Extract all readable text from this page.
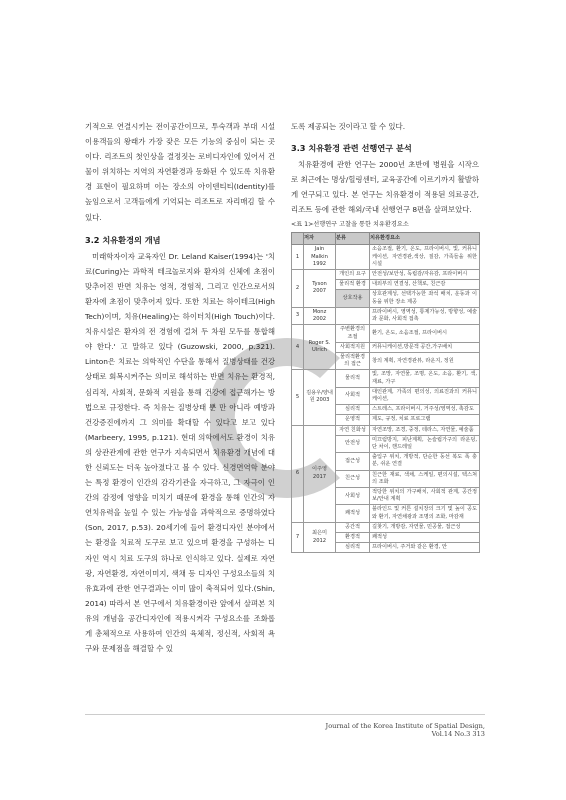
기적으로 연결시키는 전이공간이므로, 투숙객과 부대 시설 이용객들의 왕래가 가장 잦은 모든 기능의 중심이 되는 곳이다. 리조트의 첫인상을 결정짓는 로비디자인에 있어서 건물이 위치하는 지역의 자연환경과 동화된 수 있도록 치유환경 표현이 필요하며 이는 장소의 아이덴티티(Identity)를 높임으로서 고객들에게 기억되는 리조트로 자리매김 할 수 있다.

3.2 치유환경의 개념

미래학자이자 교육자인 Dr. Leland Kaiser(1994)는 '치료(Curing)는 과학적 테크놀로지와 환자의 신체에 초점이 맞추어진 반면 치유는 영적, 경험적, 그리고 인간으로서의 환자에 초점이 맞추어져 있다. 또한 치료는 하이테크(High Tech)이며, 치유(Healing)는 하이터치(High Touch)이다. 치유시설은 환자의 전 경험에 걸쳐 두 차원 모두를 통합해야 한다.' 고 말하고 있다 (Guzowski, 2000, p.321). Linton은 치료는 의학적인 수단을 통해서 질병상태를 건강상태로 회복시켜주는 의미로 해석하는 반면 치유는 환경적, 심리적, 사회적, 문화적 지원을 통해 건강에 접근해가는 방법으로 규정한다. 즉 치유는 질병상태 뿐 만 아니라 예방과 건강증진에까지 그 의미를 확대할 수 있다고 보고 있다 (Marbeery, 1995, p.121). 현대 의학에서도 환경이 치유의 상관관계에 관한 연구가 지속되면서 치유환경 개념에 대한 신뢰도는 더욱 높아졌다고 볼 수 있다. 신경면역학 분야는 특정 환경이 인간의 감각기관을 자극하고, 그 자극이 인간의 감정에 영향을 미치기 때문에 환경을 통해 인간의 자연치유력을 높일 수 있는 가능성을 과학적으로 증명하였다 (Son, 2017, p.53). 20세기에 들어 환경디자인 분야에서는 환경을 치료적 도구로 보고 있으며 환경을 구성하는 디자인 역시 치료 도구의 하나로 인식하고 있다. 실제로 자연광, 자연환경, 자연이미지, 색채 등 디자인 구성요소들의 치유효과에 관한 연구결과는 이미 많이 축적되어 있다.(Shin, 2014) 따라서 본 연구에서 치유환경이란 앞에서 살펴본 치유의 개념을 공간디자인에 적용시켜각 구성요소를 조화롭게 총체적으로 사용하여 인간의 육체적, 정신적, 사회적 욕구와 문제점을 해결할 수 있

도록 제공되는 것이라고 할 수 있다.

3.3 치유환경 관련 선행연구 분석

치유환경에 관한 연구는 2000년 초반에 병원을 시작으로 최근에는 명상/힐링센터, 교육공간에 이르기까지 활발하게 연구되고 있다. 본 연구는 치유환경이 적용된 의료공간, 리조트 등에 관한 해외/국내 선행연구 8편을 살펴보았다.

<표 1>선행연구 고찰을 통한 치유환경요소
	저자	분류	치유환경요소
1	Jain Malkin 1992		소음조절, 환기, 온도, 프라이버시, 빛, 커뮤니케이션, 자연경관,색상, 질감, 가족들을 위한 시설
2	Tyson 2007	개인의 요구	안전성/보안성, 독립감/자유감, 프라이버시
		물리적 환경	내외부의 연결성, 산책로, 친근감
		상호작용	상호관계성, 선택가능한 좌석 배치, 운동과 이동을 위한 장소 제공
3	Monz 2002		프라이버시, 영역성, 통제가능성, 방향성, 예술과 문화, 사회적 접촉
4	Roger S. Ulrich	주변환경의 조절	환기, 온도, 소음조절, 프라이버시
		사회적지원	커뮤니케이션,방문객 공간,가구배치
		물리적환경의 접근	창의 계획, 자연경관뷰, 라운지, 정원
5	김용우/양내원 2003	물리적	빛, 조망, 자연물, 조명, 온도, 소음, 환기, 색, 재료, 가구
		사회적	대인관계, 가족의 편의성, 의료진과의 커뮤니케이션,
		심리적	스트레스, 프라이버시, 거주성/영역성, 촉감도
		운영적	제도, 규정, 치료 프로그램
6	이주영 2017	자연 친화성	자연조망, 조경, 중정, 테라스, 자연물, 예술품
		안전성	미끄럼방지, 피난계획, 논슬립가구의 라운딩, 단 차이, 핸드레일
		접근성	출입구 위치, 개방적, 단순한 동선 복도 폭 충분, 쉬운 연결
		친근성	친근한 재료, 색채, 스케일, 편의시설, 텍스쳐의 조화
		사회성	적당한 위치의 가구배치, 사회적 관계, 공간정보/안내 계획
		쾌적성	블라인드 및 커튼 설치장의 크기 및 높이 공도와 환기, 자연채광과 조명의 조화, 마감재
7	최은미2012	공간적	길찾기, 개방감, 자연물, 민공물, 접근성
		환경적	쾌적성
		심리적	프라이버시, 주거와 같은 환경, 안
Journal of the Korea Institute of Spatial Design, Vol.14 No.3 313
